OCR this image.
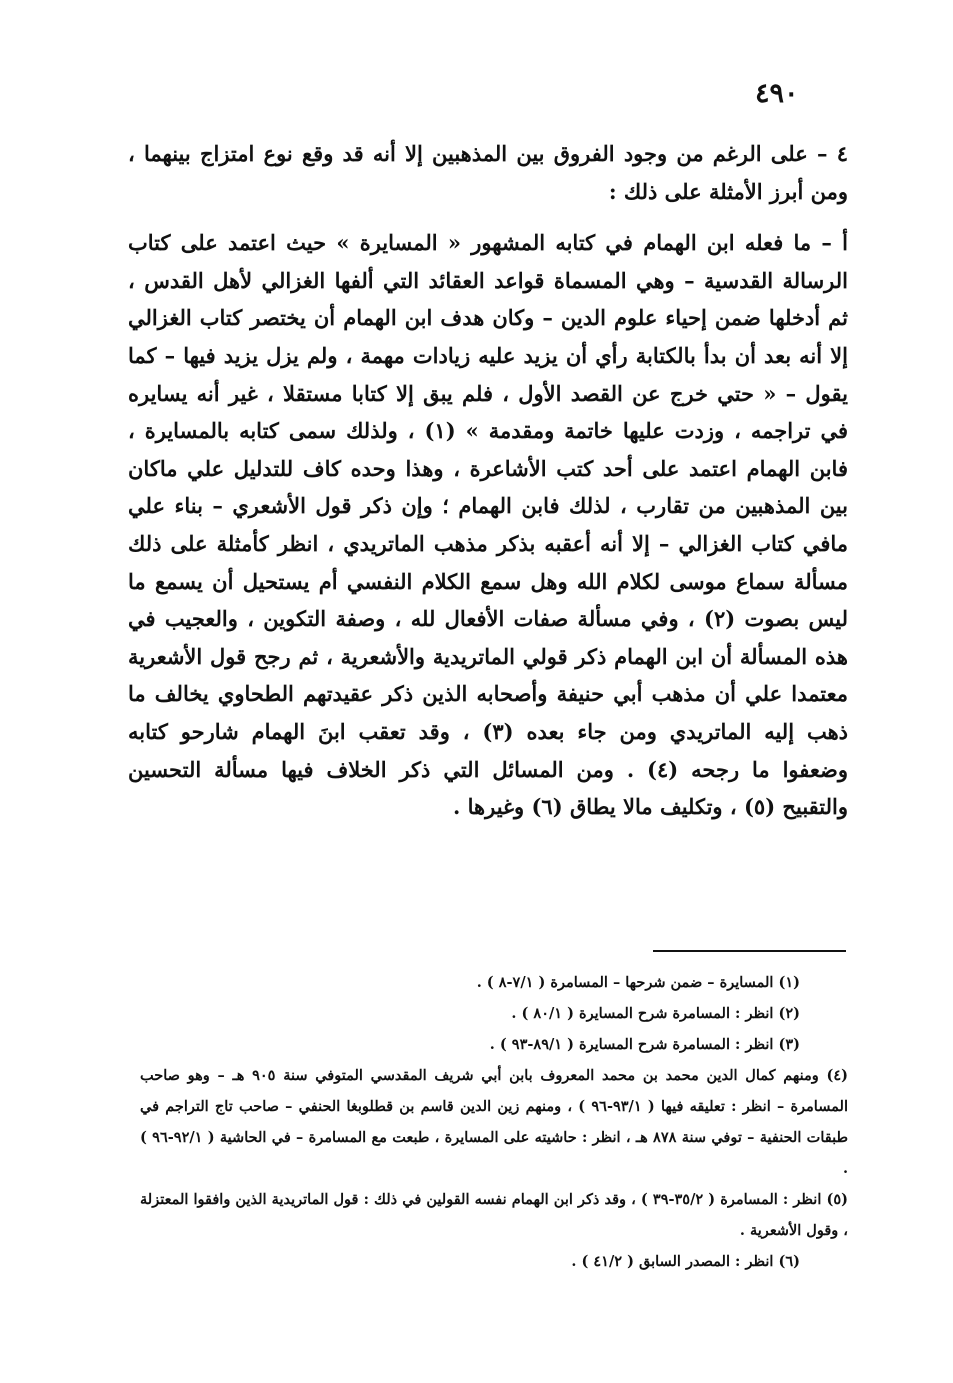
٤٩٠

٤ – على الرغم من وجود الفروق بين المذهبين إلا أنه قد وقع نوع امتزاج بينهما ، ومن أبرز الأمثلة على ذلك :

أ – ما فعله ابن الهمام في كتابه المشهور « المسايرة » حيث اعتمد على كتاب الرسالة القدسية – وهي المسماة قواعد العقائد التي ألفها الغزالي لأهل القدس ، ثم أدخلها ضمن إحياء علوم الدين – وكان هدف ابن الهمام أن يختصر كتاب الغزالي إلا أنه بعد أن بدأ بالكتابة رأي أن يزيد عليه زيادات مهمة ، ولم يزل يزيد فيها – كما يقول – « حتي خرج عن القصد الأول ، فلم يبق إلا كتابا مستقلا ، غير أنه يسايره في تراجمه ، وزدت عليها خاتمة ومقدمة » (١) ، ولذلك سمى كتابه بالمسايرة ، فابن الهمام اعتمد على أحد كتب الأشاعرة ، وهذا وحده كاف للتدليل علي ماكان بين المذهبين من تقارب ، لذلك فابن الهمام ؛ وإن ذكر قول الأشعري – بناء علي مافي كتاب الغزالي – إلا أنه أعقبه بذكر مذهب الماتريدي ، انظر كأمثلة على ذلك مسألة سماع موسى لكلام الله وهل سمع الكلام النفسي أم يستحيل أن يسمع ما ليس بصوت (٢) ، وفي مسألة صفات الأفعال لله ، وصفة التكوين ، والعجيب في هذه المسألة أن ابن الهمام ذكر قولي الماتريدية والأشعرية ، ثم رجح قول الأشعرية معتمدا علي أن مذهب أبي حنيفة وأصحابه الذين ذكر عقيدتهم الطحاوي يخالف ما ذهب إليه الماتريدي ومن جاء بعده (٣) ، وقد تعقب ابنَ الهمام شارحو كتابه وضعفوا ما رجحه (٤) . ومن المسائل التي ذكر الخلاف فيها مسألة التحسين والتقبيح (٥) ، وتكليف مالا يطاق (٦) وغيرها .

(١) المسايرة – ضمن شرحها – المسامرة ( ٧/١-٨ ) .

(٢) انظر : المسامرة شرح المسايرة ( ٨٠/١ ) .

(٣) انظر : المسامرة شرح المسايرة ( ٨٩/١-٩٣ ) .

(٤) ومنهم كمال الدين محمد بن محمد المعروف بابن أبي شريف المقدسي المتوفي سنة ٩٠٥ هـ – وهو صاحب المسامرة – انظر : تعليقه فيها ( ٩٣/١-٩٦ ) ، ومنهم زين الدين قاسم بن قطلوبغا الحنفي – صاحب تاج التراجم في طبقات الحنفية – توفي سنة ٨٧٨ هـ ، انظر : حاشيته على المسايرة ، طبعت مع المسامرة – في الحاشية ( ٩٢/١-٩٦ ) .

(٥) انظر : المسامرة ( ٣٥/٢-٣٩ ) ، وقد ذكر ابن الهمام نفسه القولين في ذلك : قول الماتريدية الذين وافقوا المعتزلة ، وقول الأشعرية .

(٦) انظر : المصدر السابق ( ٤١/٢ ) .
